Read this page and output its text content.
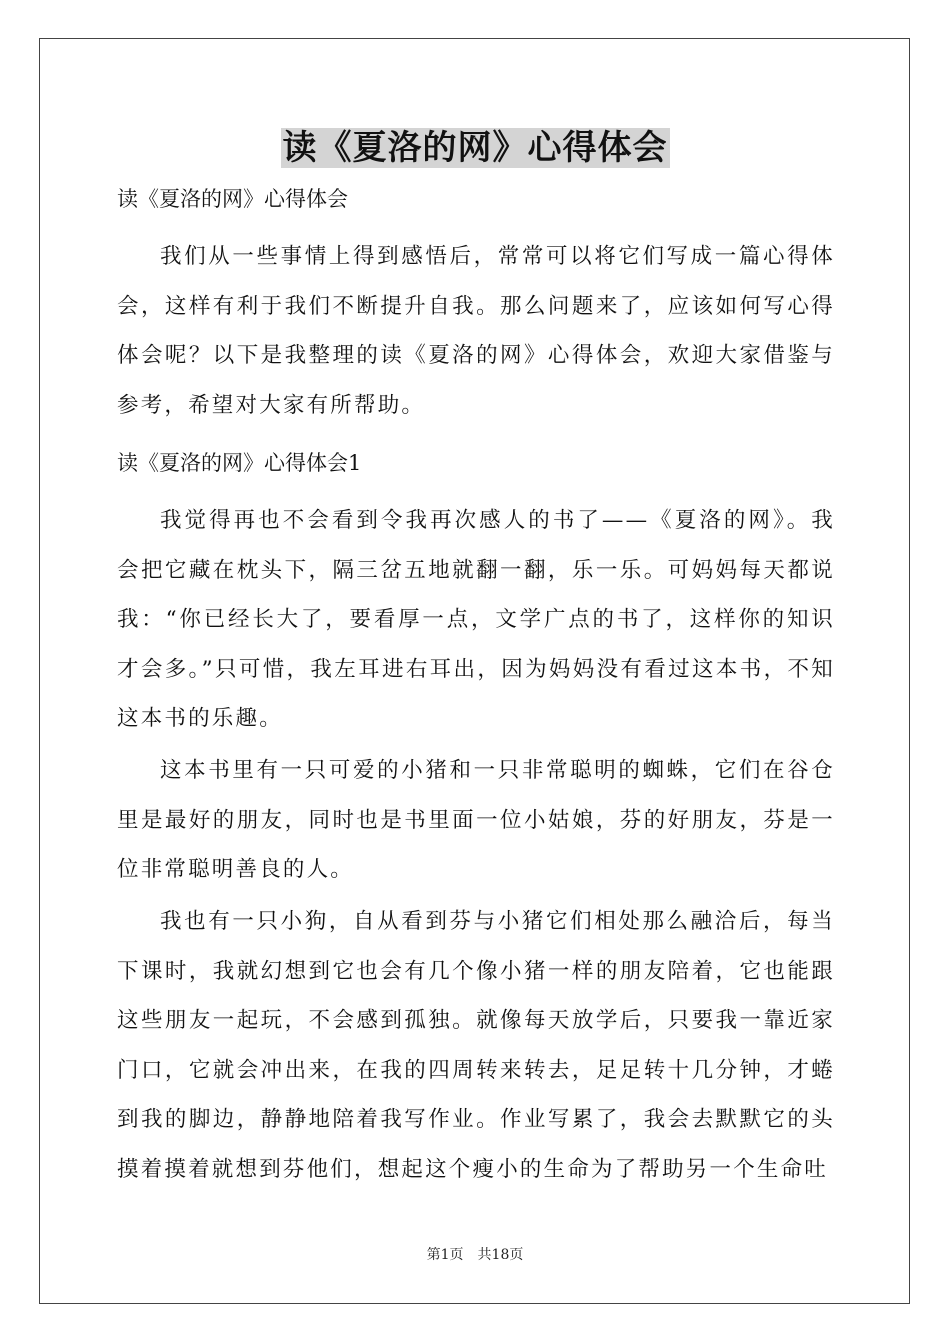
读《夏洛的网》心得体会

读《夏洛的网》心得体会

我们从一些事情上得到感悟后，常常可以将它们写成一篇心得体会，这样有利于我们不断提升自我。那么问题来了，应该如何写心得体会呢？以下是我整理的读《夏洛的网》心得体会，欢迎大家借鉴与参考，希望对大家有所帮助。

读《夏洛的网》心得体会1

我觉得再也不会看到令我再次感人的书了——《夏洛的网》。我会把它藏在枕头下，隔三岔五地就翻一翻，乐一乐。可妈妈每天都说我：“你已经长大了，要看厚一点，文学广点的书了，这样你的知识才会多。”只可惜，我左耳进右耳出，因为妈妈没有看过这本书，不知这本书的乐趣。

这本书里有一只可爱的小猪和一只非常聪明的蜘蛛，它们在谷仓里是最好的朋友，同时也是书里面一位小姑娘，芬的好朋友，芬是一位非常聪明善良的人。

我也有一只小狗，自从看到芬与小猪它们相处那么融洽后，每当下课时，我就幻想到它也会有几个像小猪一样的朋友陪着，它也能跟这些朋友一起玩，不会感到孤独。就像每天放学后，只要我一靠近家门口，它就会冲出来，在我的四周转来转去，足足转十几分钟，才蜷到我的脚边，静静地陪着我写作业。作业写累了，我会去默默它的头摸着摸着就想到芬他们，想起这个瘦小的生命为了帮助另一个生命吐

第1页 共18页
